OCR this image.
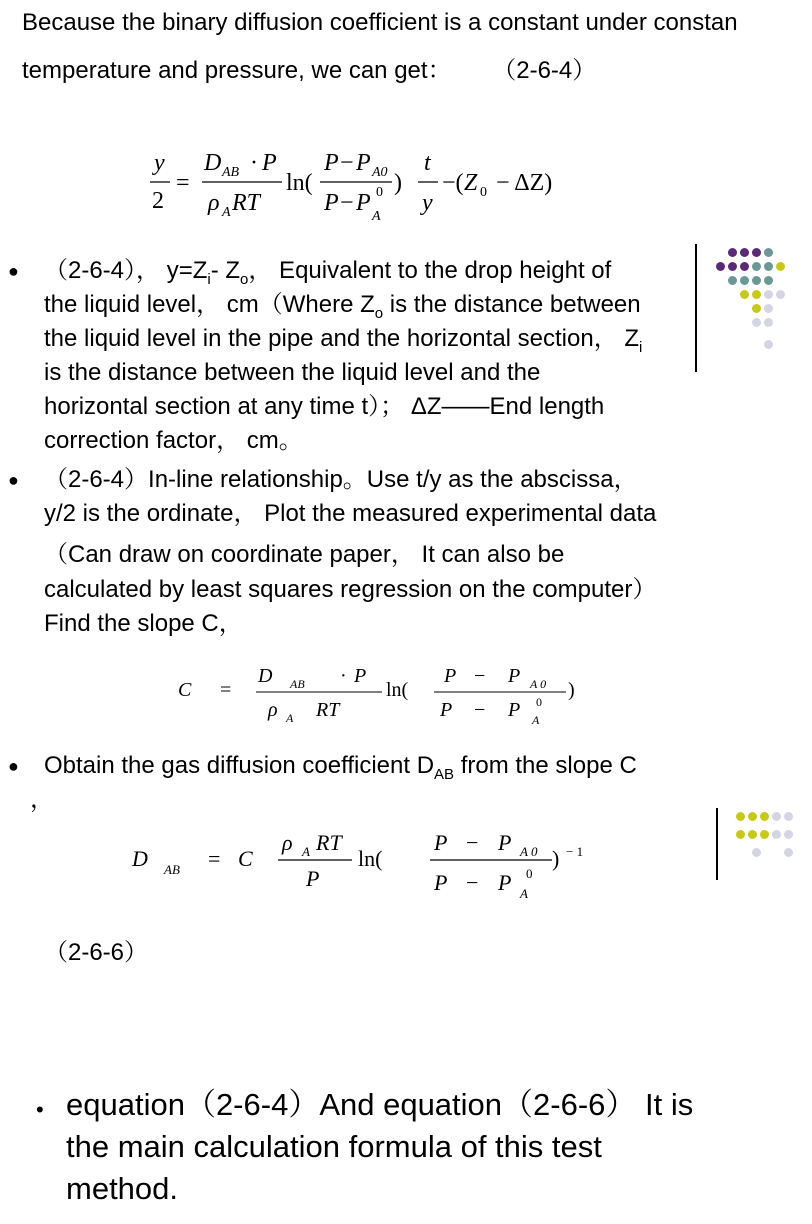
Because the binary diffusion coefficient is a constant under constan
temperature and pressure, we can get： （2-6-4）
y
2
=
D AB · P
ρ A RT
ln(
P − P A0
P − P 0
A
)
t
y
−( Z 0 − ΔZ)
● （2-6-4）， $y=Z_i-$ $Z_o$， Equivalent to the drop height of
the liquid level， cm（Where $Z_o$ is the distance between
the liquid level in the pipe and the horizontal section， $Z_i$
is the distance between the liquid level and the
horizontal section at any time t）； ΔZ——End length
correction factor， cm。
● （2-6-4）In-line relationship。Use t/y as the abscissa，
y/2 is the ordinate， Plot the measured experimental data
（Can draw on coordinate paper， It can also be
calculated by least squares regression on the computer）
Find the slope C，
C =
D AB · P
ρ A RT
ln(
P − P A 0
P − P 0
A
)
● Obtain the gas diffusion coefficient $D_{AB}$ from the slope C
，
D AB = C
ρ A RT
P
ln(
P − P A 0
P − P 0
A
) − 1
（2-6-6）
• equation（2-6-4）And equation（2-6-6） It is
the main calculation formula of this test
method.
